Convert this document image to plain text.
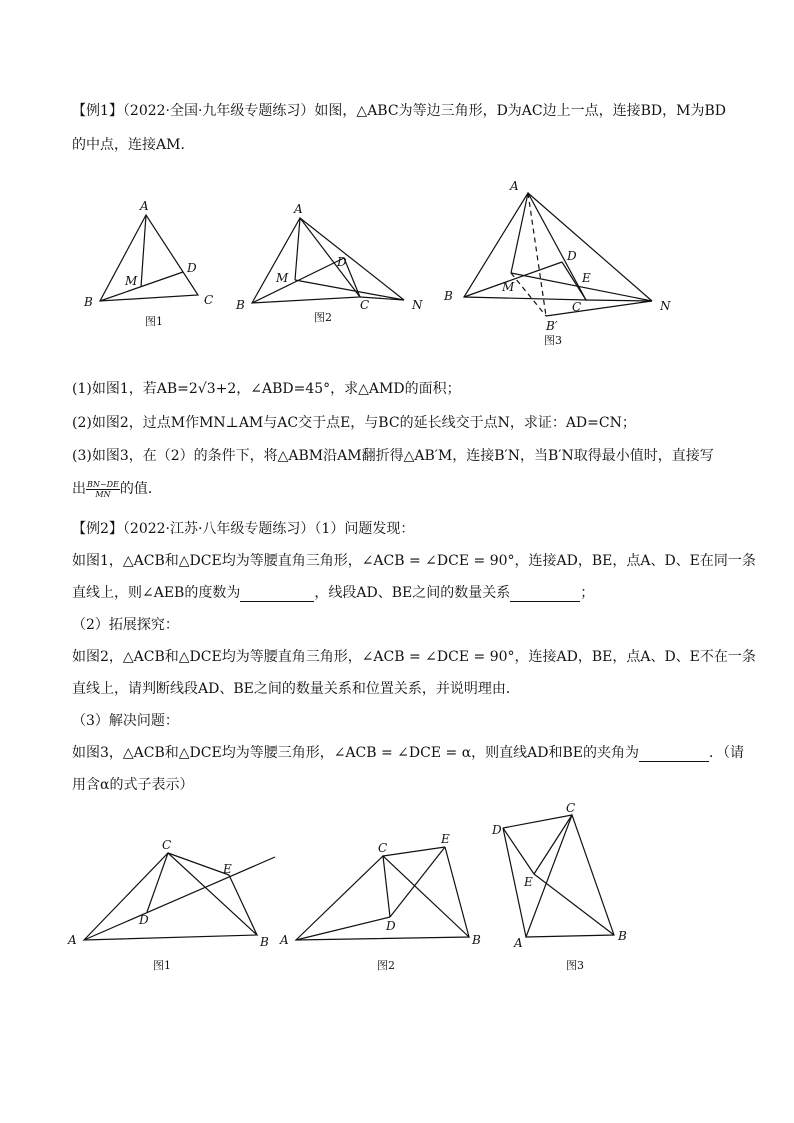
【例1】（2022·全国·九年级专题练习）如图，△ABC为等边三角形，D为AC边上一点，连接BD，M为BD
的中点，连接AM．
A
B	C
D
M
图1
A
B	C
D
M
N
图2
A
B
C
D
E
M
N
B′
图3
(1)如图1，若AB=2√3+2，∠ABD=45°，求△AMD的面积；
(2)如图2，过点M作MN⊥AM与AC交于点E，与BC的延长线交于点N，求证：AD=CN；
(3)如图3，在（2）的条件下，将△ABM沿AM翻折得△AB′M，连接B′N，当B′N取得最小值时，直接写
出 $\frac{BN-DE}{MN}$ 的值．
【例2】（2022·江苏·八年级专题练习）（1）问题发现：
如图1，△ACB和△DCE均为等腰直角三角形，∠ACB = ∠DCE = 90°，连接AD，BE，点A、D、E在同一条
直线上，则∠AEB的度数为	，线段AD、BE之间的数量关系	；
（2）拓展探究：
如图2，△ACB和△DCE均为等腰直角三角形，∠ACB = ∠DCE = 90°，连接AD，BE，点A、D、E不在一条
直线上，请判断线段AD、BE之间的数量关系和位置关系，并说明理由．
（3）解决问题：
如图3，△ACB和△DCE均为等腰三角形，∠ACB = ∠DCE = α，则直线AD和BE的夹角为	．（请
用含α的式子表示）
A	B
C
D
E
图1
A	B
C
D
E
图2
A	B
C
D
E
图3
